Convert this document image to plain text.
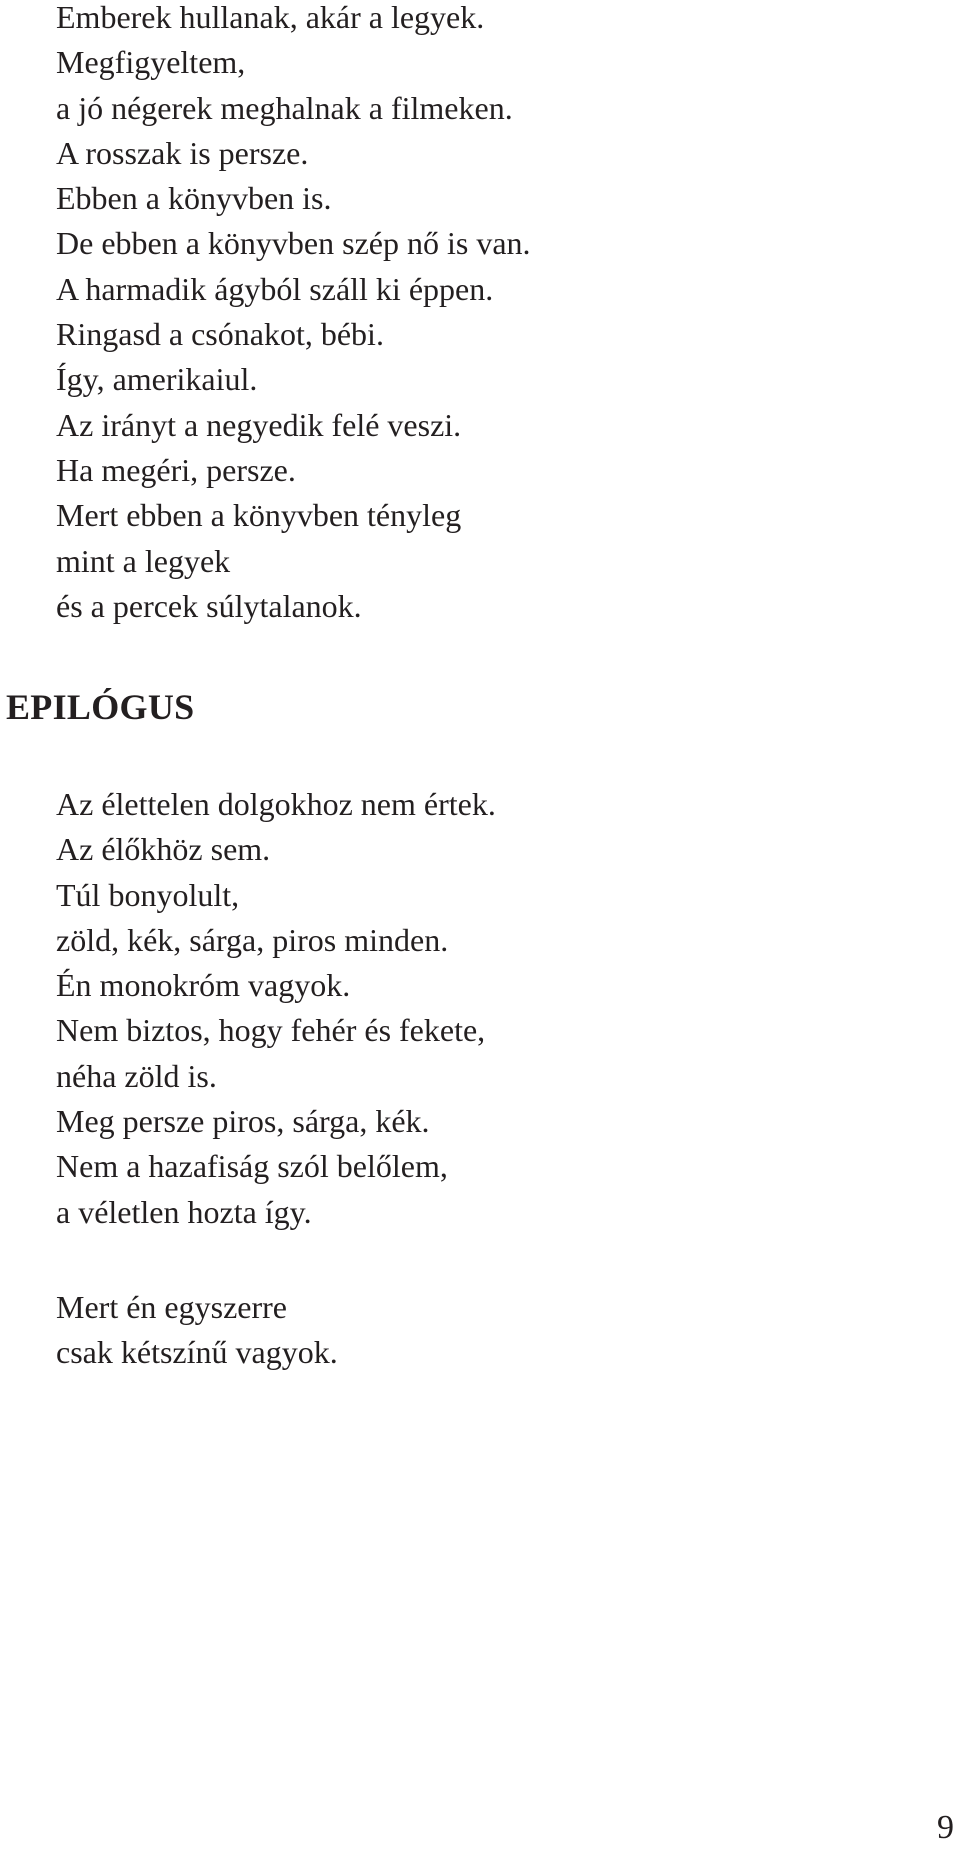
Emberek hullanak, akár a legyek.
Megfigyeltem,
a jó négerek meghalnak a filmeken.
A rosszak is persze.
Ebben a könyvben is.
De ebben a könyvben szép nő is van.
A harmadik ágyból száll ki éppen.
Ringasd a csónakot, bébi.
Így, amerikaiul.
Az irányt a negyedik felé veszi.
Ha megéri, persze.
Mert ebben a könyvben tényleg
mint a legyek
és a percek súlytalanok.
EPILÓGUS
Az élettelen dolgokhoz nem értek.
Az élőkhöz sem.
Túl bonyolult,
zöld, kék, sárga, piros minden.
Én monokróm vagyok.
Nem biztos, hogy fehér és fekete,
néha zöld is.
Meg persze piros, sárga, kék.
Nem a hazafiság szól belőlem,
a véletlen hozta így.
Mert én egyszerre
csak kétszínű vagyok.
9
